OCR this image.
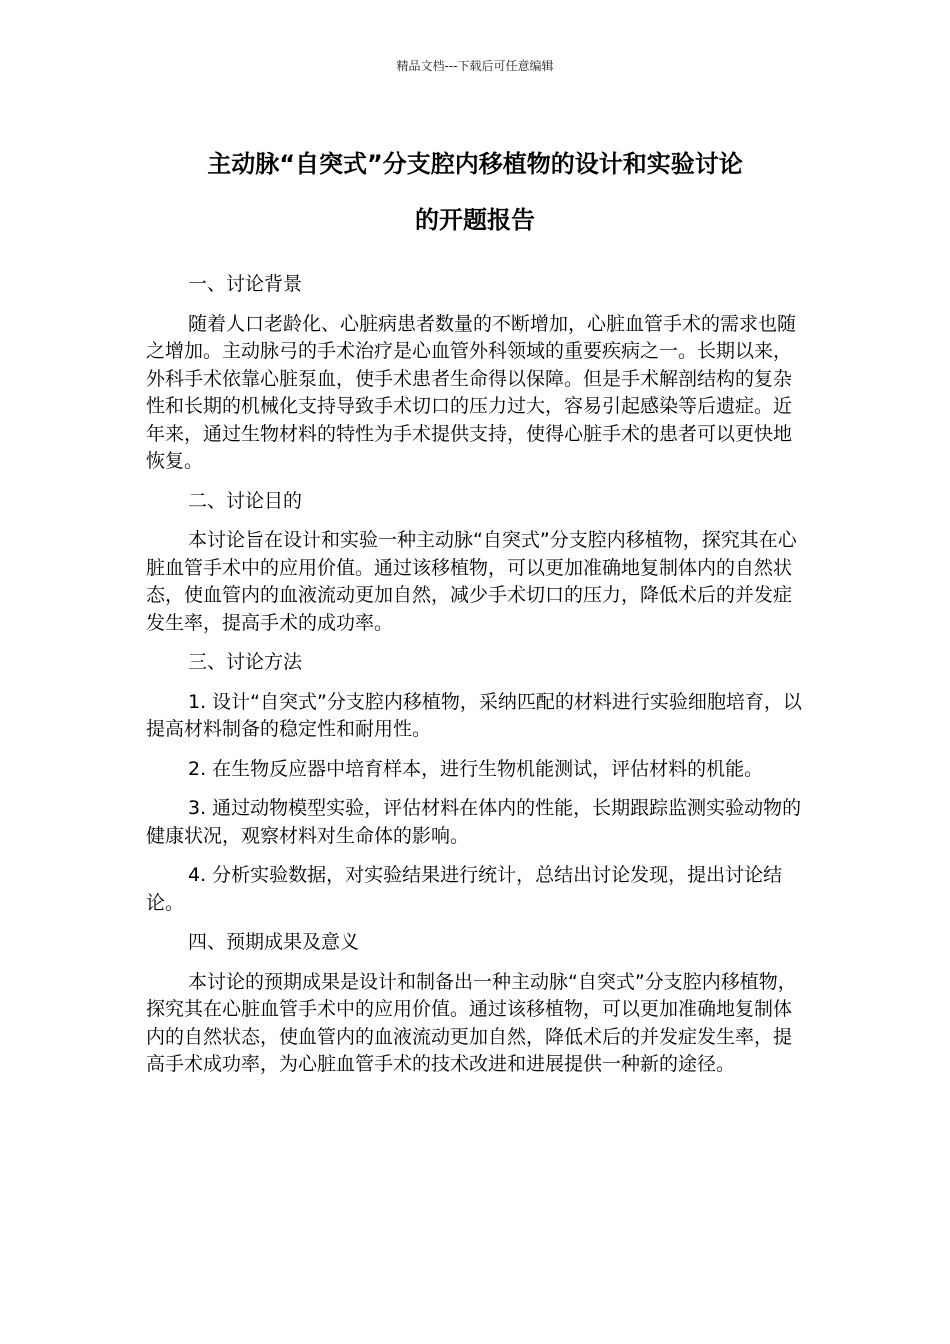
精品文档---下载后可任意编辑
主动脉“自突式”分支腔内移植物的设计和实验讨论
的开题报告

一、讨论背景

随着人口老龄化、心脏病患者数量的不断增加，心脏血管手术的需求也随之增加。主动脉弓的手术治疗是心血管外科领域的重要疾病之一。长期以来，外科手术依靠心脏泵血，使手术患者生命得以保障。但是手术解剖结构的复杂性和长期的机械化支持导致手术切口的压力过大，容易引起感染等后遗症。近年来，通过生物材料的特性为手术提供支持，使得心脏手术的患者可以更快地恢复。

二、讨论目的

本讨论旨在设计和实验一种主动脉“自突式”分支腔内移植物，探究其在心脏血管手术中的应用价值。通过该移植物，可以更加准确地复制体内的自然状态，使血管内的血液流动更加自然，减少手术切口的压力，降低术后的并发症发生率，提高手术的成功率。

三、讨论方法

1. 设计“自突式”分支腔内移植物，采纳匹配的材料进行实验细胞培育，以提高材料制备的稳定性和耐用性。

2. 在生物反应器中培育样本，进行生物机能测试，评估材料的机能。

3. 通过动物模型实验，评估材料在体内的性能，长期跟踪监测实验动物的健康状况，观察材料对生命体的影响。

4. 分析实验数据，对实验结果进行统计，总结出讨论发现，提出讨论结论。

四、预期成果及意义

本讨论的预期成果是设计和制备出一种主动脉“自突式”分支腔内移植物，探究其在心脏血管手术中的应用价值。通过该移植物，可以更加准确地复制体内的自然状态，使血管内的血液流动更加自然，降低术后的并发症发生率，提高手术成功率，为心脏血管手术的技术改进和进展提供一种新的途径。
